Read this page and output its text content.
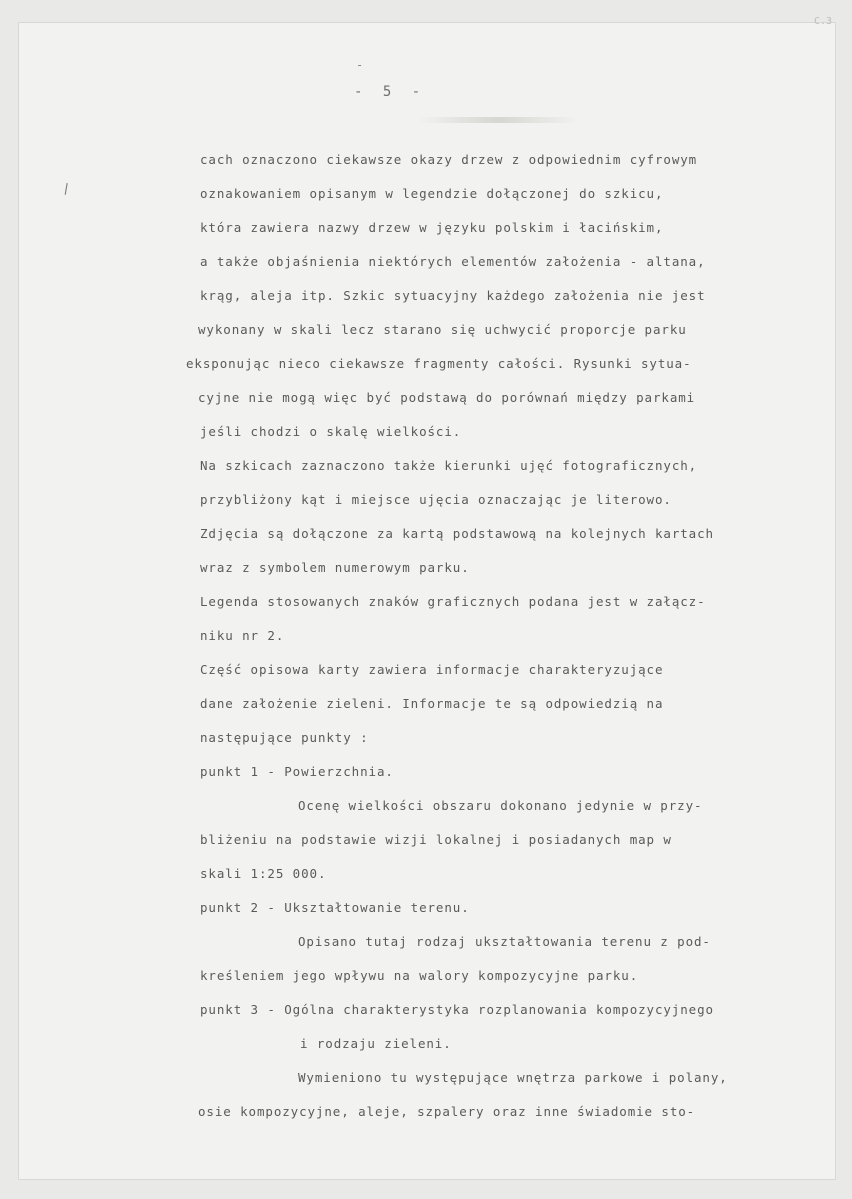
C.3
-
- 5 -
\

cach oznaczono ciekawsze okazy drzew z odpowiednim cyfrowym

oznakowaniem opisanym w legendzie dołączonej do szkicu,

która zawiera nazwy drzew w języku polskim i łacińskim,

a także objaśnienia niektórych elementów założenia - altana,

krąg, aleja itp. Szkic sytuacyjny każdego założenia nie jest

wykonany w skali lecz starano się uchwycić proporcje parku

eksponując nieco ciekawsze fragmenty całości. Rysunki sytua-

cyjne nie mogą więc być podstawą do porównań między parkami

jeśli chodzi o skalę wielkości.

Na szkicach zaznaczono także kierunki ujęć fotograficznych,

przybliżony kąt i miejsce ujęcia oznaczając je literowo.

Zdjęcia są dołączone za kartą podstawową na kolejnych kartach

wraz z symbolem numerowym parku.

Legenda stosowanych znaków graficznych podana jest w załącz-

niku nr 2.

Część opisowa karty zawiera informacje charakteryzujące

dane założenie zieleni. Informacje te są odpowiedzią na

następujące punkty :

punkt 1 - Powierzchnia.

Ocenę wielkości obszaru dokonano jedynie w przy-

bliżeniu na podstawie wizji lokalnej i posiadanych map w

skali 1:25 000.

punkt 2 - Ukształtowanie terenu.

Opisano tutaj rodzaj ukształtowania terenu z pod-

kreśleniem jego wpływu na walory kompozycyjne parku.

punkt 3 - Ogólna charakterystyka rozplanowania kompozycyjnego

i rodzaju zieleni.

Wymieniono tu występujące wnętrza parkowe i polany,

osie kompozycyjne, aleje, szpalery oraz inne świadomie sto-
